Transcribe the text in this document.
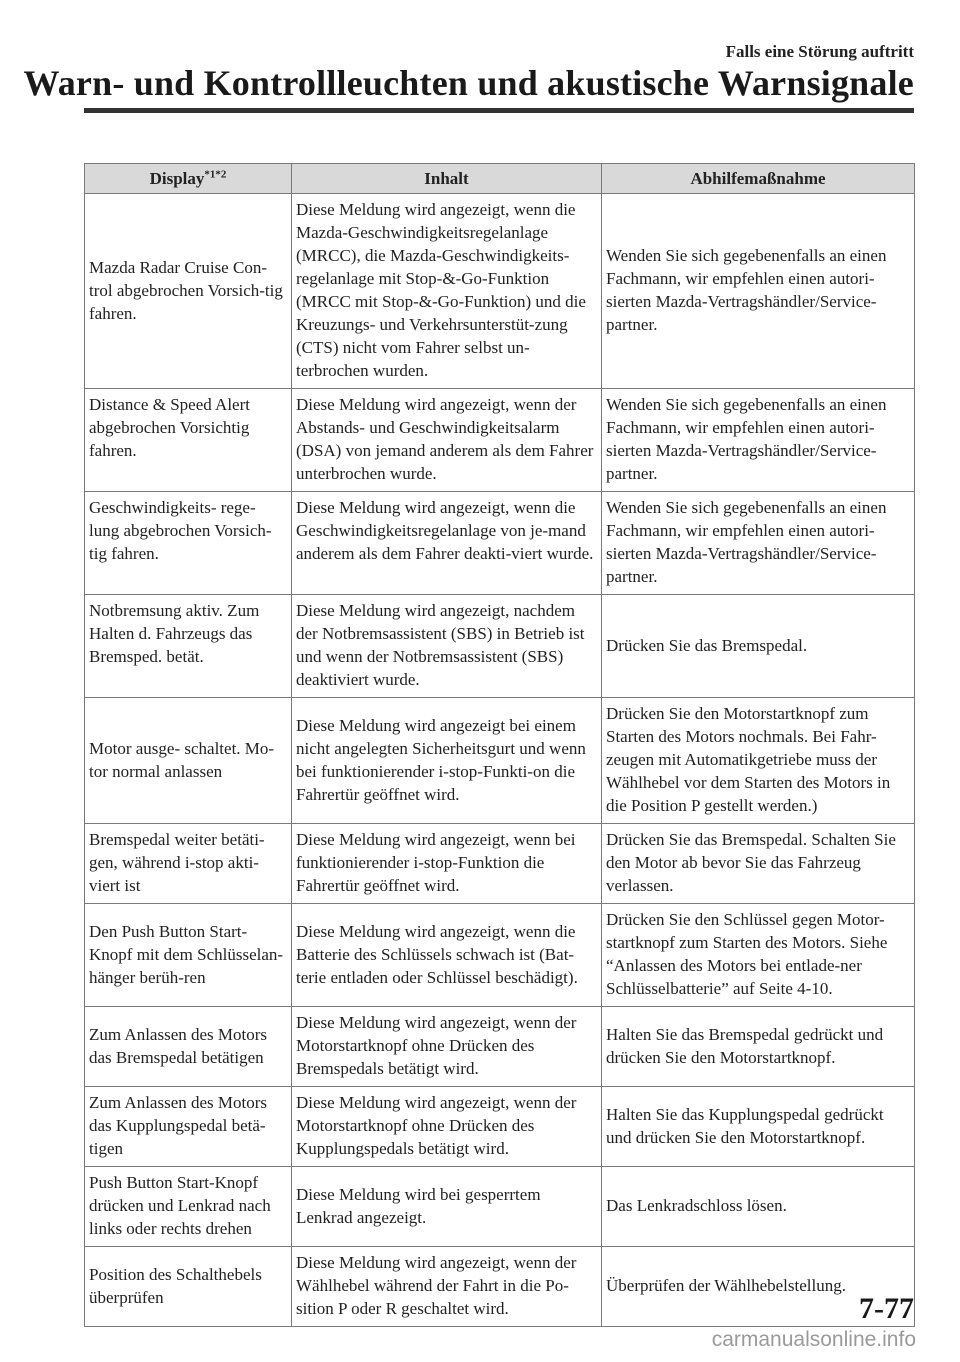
Falls eine Störung auftritt
Warn- und Kontrollleuchten und akustische Warnsignale
Display$^{*1*2}$	Inhalt	Abhilfemaßnahme
Mazda Radar Cruise Con-trol abgebrochen Vorsich-tig fahren.	Diese Meldung wird angezeigt, wenn die Mazda-Geschwindigkeitsregelanlage (MRCC), die Mazda-Geschwindigkeits-regelanlage mit Stop-&-Go-Funktion (MRCC mit Stop-&-Go-Funktion) und die Kreuzungs- und Verkehrsunterstüt-zung (CTS) nicht vom Fahrer selbst un-terbrochen wurden.	Wenden Sie sich gegebenenfalls an einen Fachmann, wir empfehlen einen autori-sierten Mazda-Vertragshändler/Service-partner.
Distance & Speed Alert abgebrochen Vorsichtig fahren.	Diese Meldung wird angezeigt, wenn der Abstands- und Geschwindigkeitsalarm (DSA) von jemand anderem als dem Fahrer unterbrochen wurde.	Wenden Sie sich gegebenenfalls an einen Fachmann, wir empfehlen einen autori-sierten Mazda-Vertragshändler/Service-partner.
Geschwindigkeits- rege-lung abgebrochen Vorsich-tig fahren.	Diese Meldung wird angezeigt, wenn die Geschwindigkeitsregelanlage von je-mand anderem als dem Fahrer deakti-viert wurde.	Wenden Sie sich gegebenenfalls an einen Fachmann, wir empfehlen einen autori-sierten Mazda-Vertragshändler/Service-partner.
Notbremsung aktiv. Zum Halten d. Fahrzeugs das Bremsped. betät.	Diese Meldung wird angezeigt, nachdem der Notbremsassistent (SBS) in Betrieb ist und wenn der Notbremsassistent (SBS) deaktiviert wurde.	Drücken Sie das Bremspedal.
Motor ausge- schaltet. Mo-tor normal anlassen	Diese Meldung wird angezeigt bei einem nicht angelegten Sicherheitsgurt und wenn bei funktionierender i-stop-Funkti-on die Fahrertür geöffnet wird.	Drücken Sie den Motorstartknopf zum Starten des Motors nochmals. Bei Fahr-zeugen mit Automatikgetriebe muss der Wählhebel vor dem Starten des Motors in die Position P gestellt werden.)
Bremspedal weiter betäti-gen, während i-stop akti-viert ist	Diese Meldung wird angezeigt, wenn bei funktionierender i-stop-Funktion die Fahrertür geöffnet wird.	Drücken Sie das Bremspedal. Schalten Sie den Motor ab bevor Sie das Fahrzeug verlassen.
Den Push Button Start-Knopf mit dem Schlüsselan- hänger berüh-ren	Diese Meldung wird angezeigt, wenn die Batterie des Schlüssels schwach ist (Bat-terie entladen oder Schlüssel beschädigt).	Drücken Sie den Schlüssel gegen Motor-startknopf zum Starten des Motors. Siehe “Anlassen des Motors bei entlade-ner Schlüsselbatterie” auf Seite 4-10.
Zum Anlassen des Motors das Bremspedal betätigen	Diese Meldung wird angezeigt, wenn der Motorstartknopf ohne Drücken des Bremspedals betätigt wird.	Halten Sie das Bremspedal gedrückt und drücken Sie den Motorstartknopf.
Zum Anlassen des Motors das Kupplungspedal betä-tigen	Diese Meldung wird angezeigt, wenn der Motorstartknopf ohne Drücken des Kupplungspedals betätigt wird.	Halten Sie das Kupplungspedal gedrückt und drücken Sie den Motorstartknopf.
Push Button Start-Knopf drücken und Lenkrad nach links oder rechts drehen	Diese Meldung wird bei gesperrtem Lenkrad angezeigt.	Das Lenkradschloss lösen.
Position des Schalthebels überprüfen	Diese Meldung wird angezeigt, wenn der Wählhebel während der Fahrt in die Po-sition P oder R geschaltet wird.	Überprüfen der Wählhebelstellung.
7-77
carmanualsonline.info
